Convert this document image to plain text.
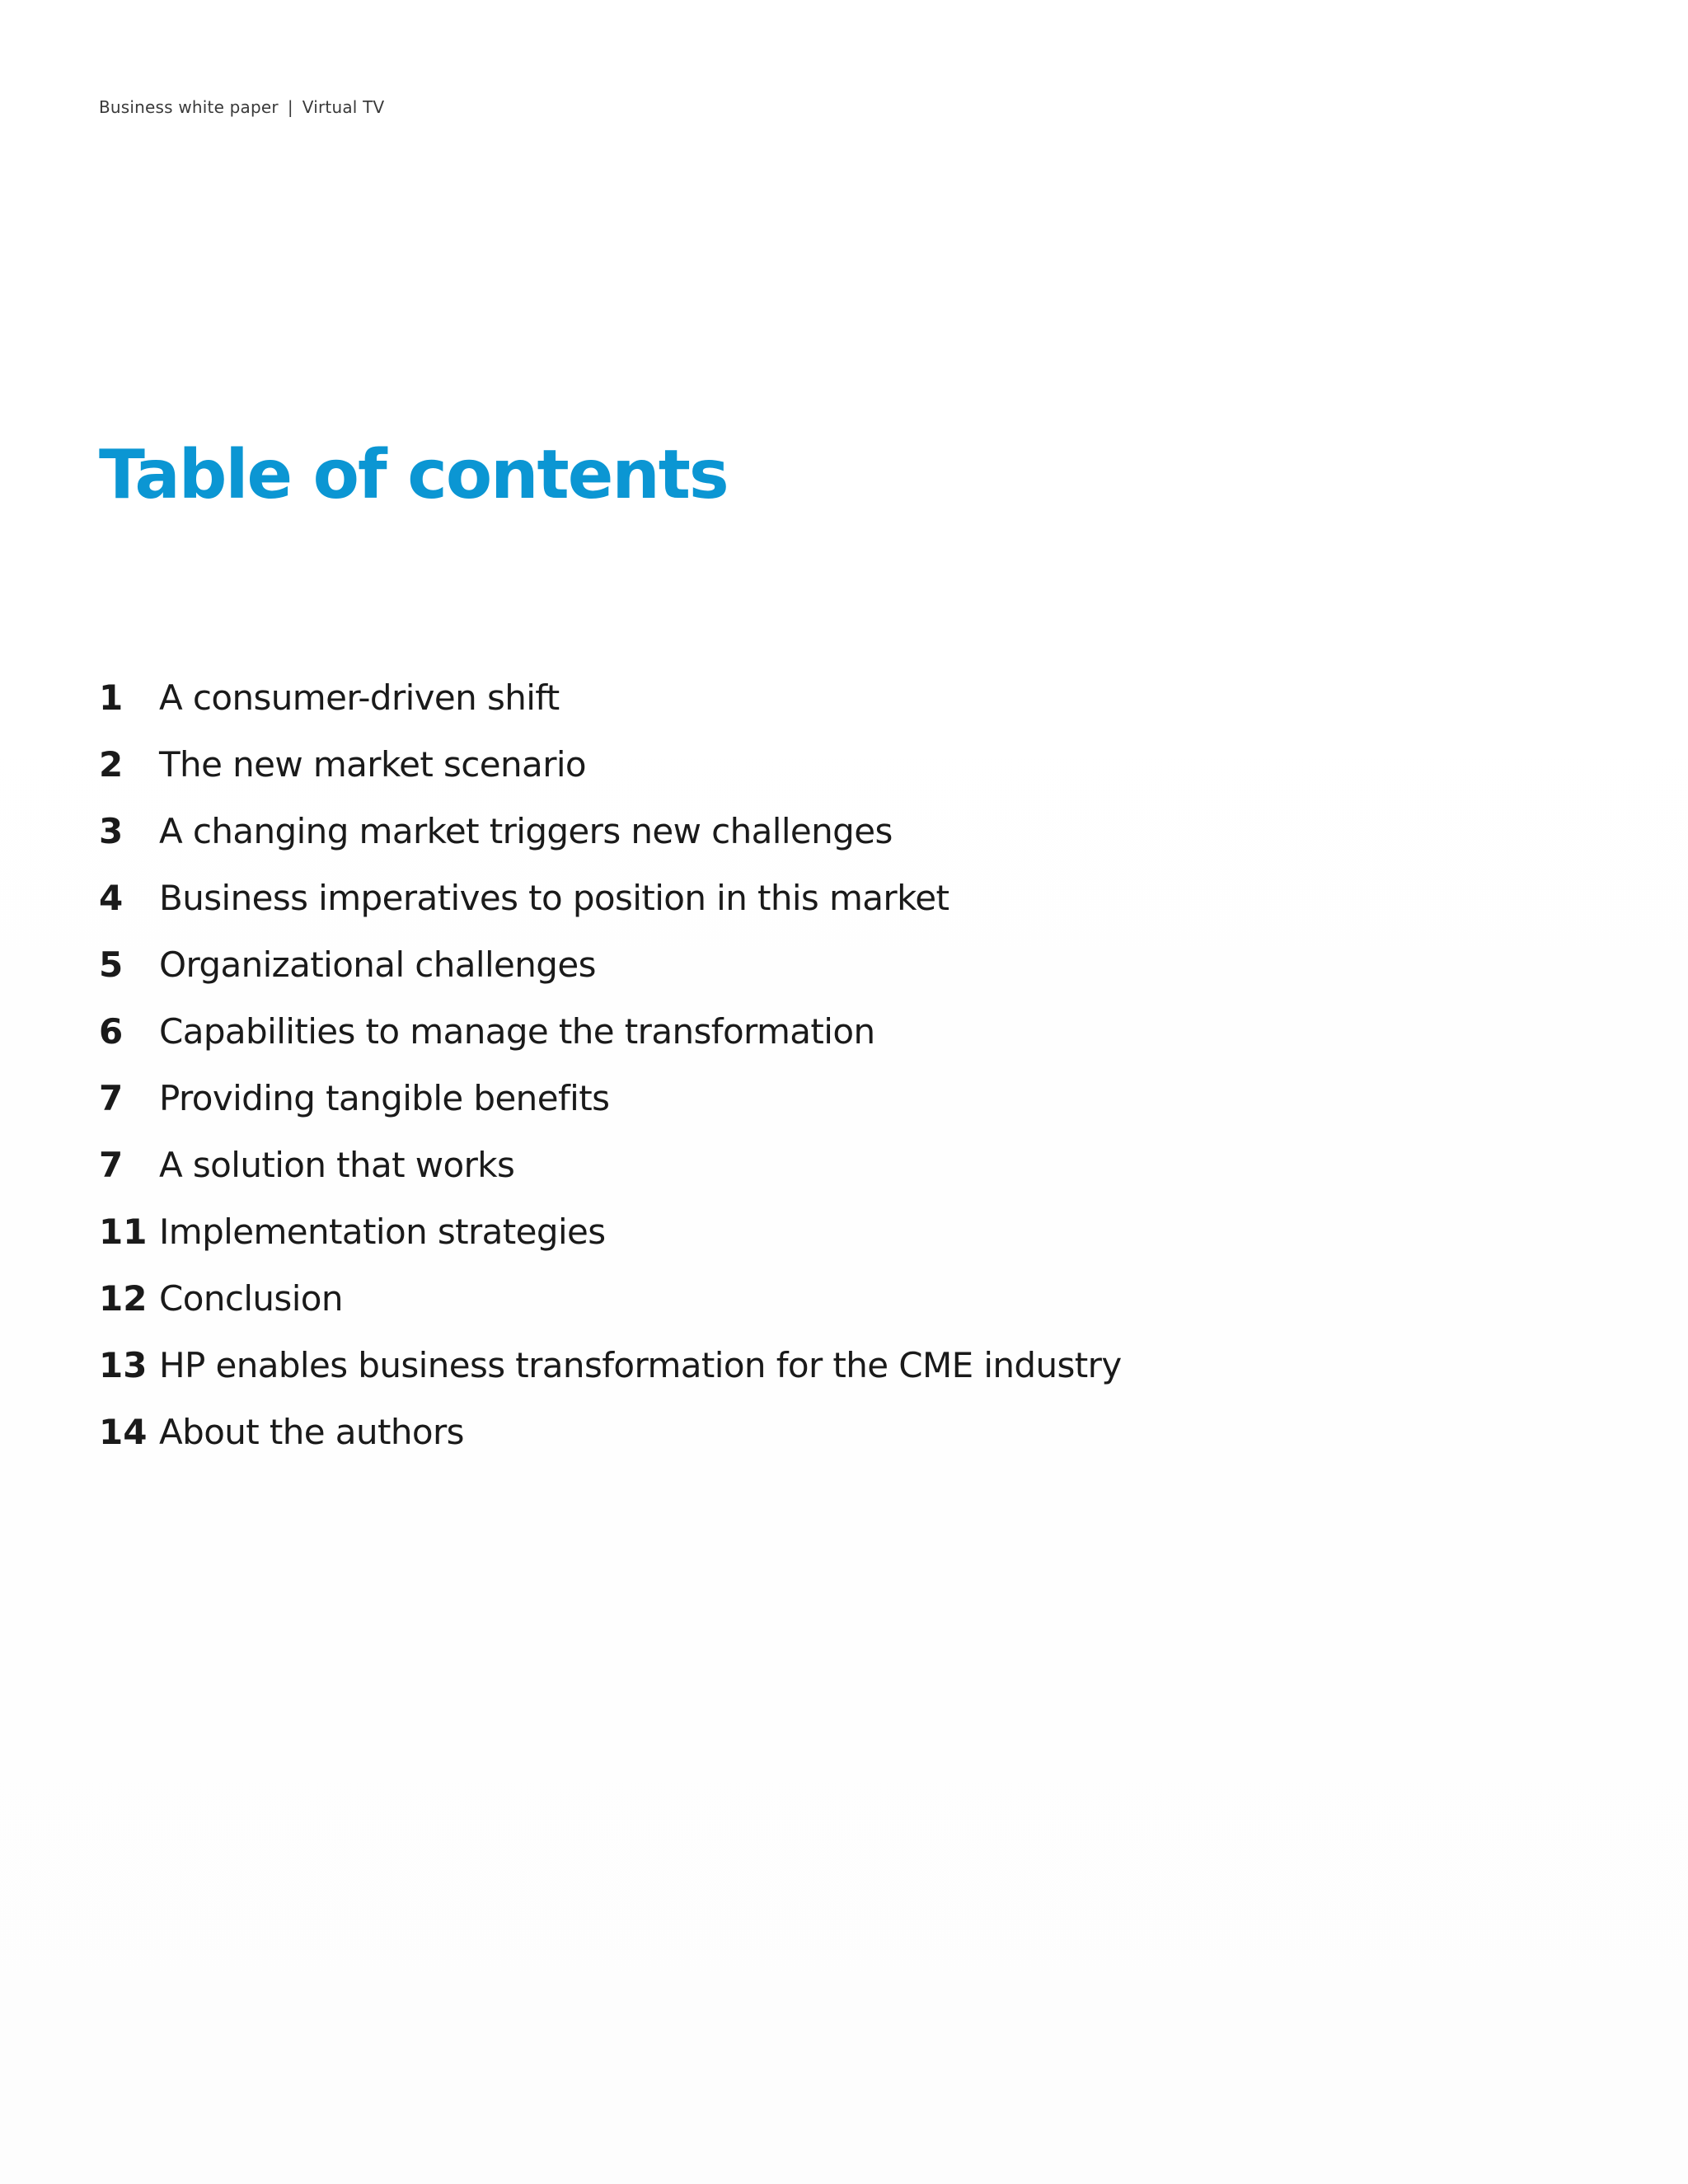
Business white paper | Virtual TV
Table of contents
1	A consumer-driven shift
2	The new market scenario
3	A changing market triggers new challenges
4	Business imperatives to position in this market
5	Organizational challenges
6	Capabilities to manage the transformation
7	Providing tangible benefits
7	A solution that works
11 Implementation strategies
12 Conclusion
13 HP enables business transformation for the CME industry
14 About the authors
